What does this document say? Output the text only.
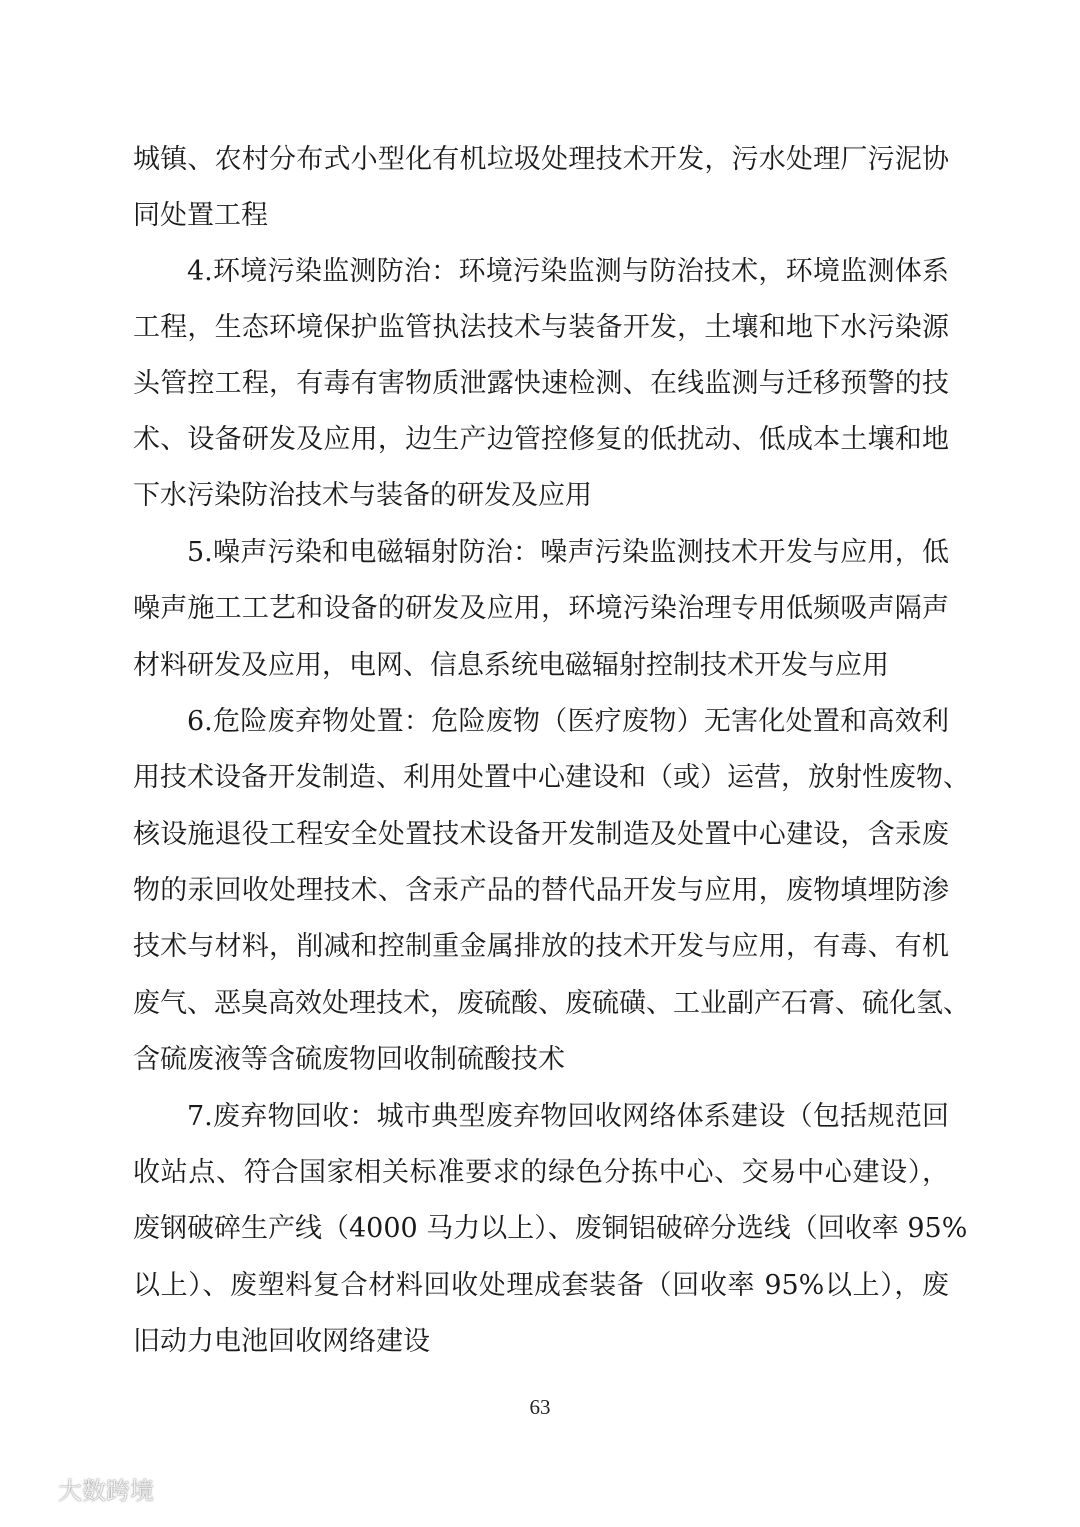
城镇、农村分布式小型化有机垃圾处理技术开发，污水处理厂污泥协
同处置工程
4.环境污染监测防治：环境污染监测与防治技术，环境监测体系
工程，生态环境保护监管执法技术与装备开发，土壤和地下水污染源
头管控工程，有毒有害物质泄露快速检测、在线监测与迁移预警的技
术、设备研发及应用，边生产边管控修复的低扰动、低成本土壤和地
下水污染防治技术与装备的研发及应用
5.噪声污染和电磁辐射防治：噪声污染监测技术开发与应用，低
噪声施工工艺和设备的研发及应用，环境污染治理专用低频吸声隔声
材料研发及应用，电网、信息系统电磁辐射控制技术开发与应用
6.危险废弃物处置：危险废物（医疗废物）无害化处置和高效利
用技术设备开发制造、利用处置中心建设和（或）运营，放射性废物、
核设施退役工程安全处置技术设备开发制造及处置中心建设，含汞废
物的汞回收处理技术、含汞产品的替代品开发与应用，废物填埋防渗
技术与材料，削减和控制重金属排放的技术开发与应用，有毒、有机
废气、恶臭高效处理技术，废硫酸、废硫磺、工业副产石膏、硫化氢、
含硫废液等含硫废物回收制硫酸技术
7.废弃物回收：城市典型废弃物回收网络体系建设（包括规范回
收站点、符合国家相关标准要求的绿色分拣中心、交易中心建设），
废钢破碎生产线（4000 马力以上）、废铜铝破碎分选线（回收率 95%
以上）、废塑料复合材料回收处理成套装备（回收率 95%以上），废
旧动力电池回收网络建设
63
大数跨境
